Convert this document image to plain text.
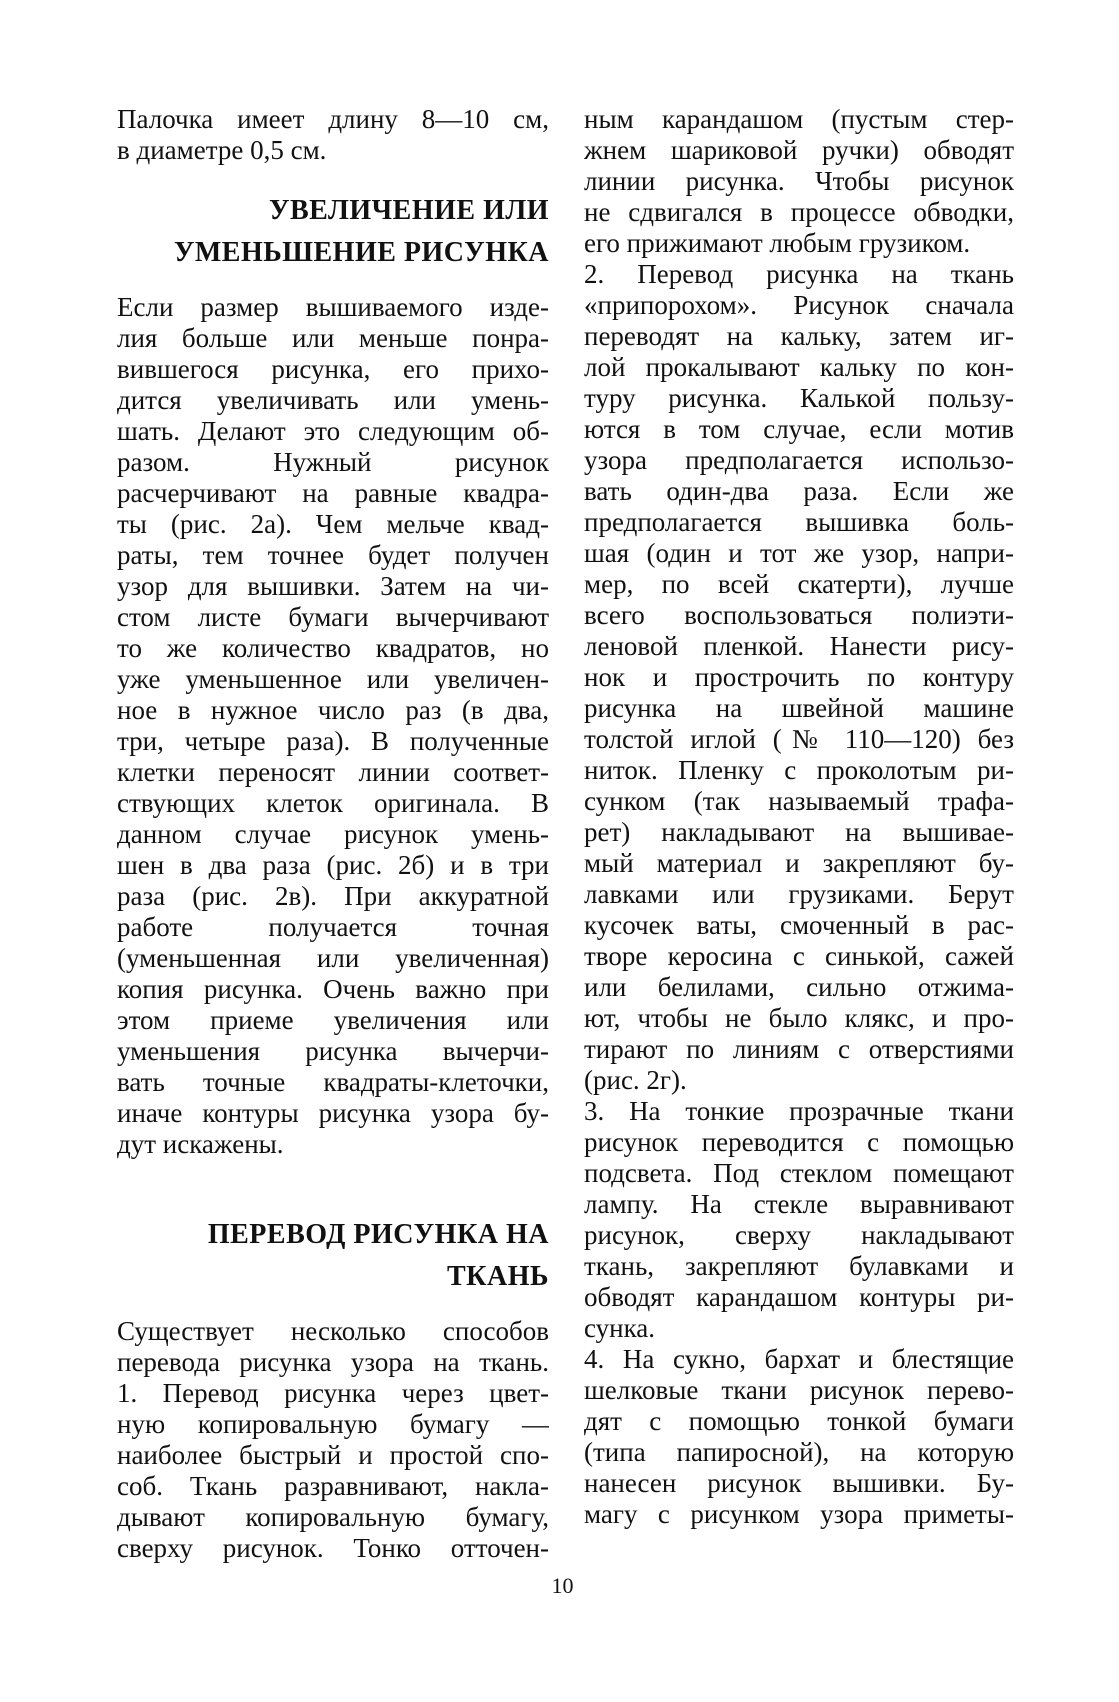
Палочка имеет длину 8—10 см,
в диаметре 0,5 см.
УВЕЛИЧЕНИЕ ИЛИ
УМЕНЬШЕНИЕ РИСУНКА
Если размер вышиваемого изде-
лия больше или меньше понра-
вившегося рисунка, его прихо-
дится увеличивать или умень-
шать. Делают это следующим об-
разом. Нужный рисунок
расчерчивают на равные квадра-
ты (рис. 2а). Чем мельче квад-
раты, тем точнее будет получен
узор для вышивки. Затем на чи-
стом листе бумаги вычерчивают
то же количество квадратов, но
уже уменьшенное или увеличен-
ное в нужное число раз (в два,
три, четыре раза). В полученные
клетки переносят линии соответ-
ствующих клеток оригинала. В
данном случае рисунок умень-
шен в два раза (рис. 2б) и в три
раза (рис. 2в). При аккуратной
работе получается точная
(уменьшенная или увеличенная)
копия рисунка. Очень важно при
этом приеме увеличения или
уменьшения рисунка вычерчи-
вать точные квадраты-клеточки,
иначе контуры рисунка узора бу-
дут искажены.
ПЕРЕВОД РИСУНКА НА
ТКАНЬ
Существует несколько способов
перевода рисунка узора на ткань.
1. Перевод рисунка через цвет-
ную копировальную бумагу —
наиболее быстрый и простой спо-
соб. Ткань разравнивают, накла-
дывают копировальную бумагу,
сверху рисунок. Тонко отточен-
ным карандашом (пустым стер-
жнем шариковой ручки) обводят
линии рисунка. Чтобы рисунок
не сдвигался в процессе обводки,
его прижимают любым грузиком.
2. Перевод рисунка на ткань
«припорохом». Рисунок сначала
переводят на кальку, затем иг-
лой прокалывают кальку по кон-
туру рисунка. Калькой пользу-
ются в том случае, если мотив
узора предполагается использо-
вать один-два раза. Если же
предполагается вышивка боль-
шая (один и тот же узор, напри-
мер, по всей скатерти), лучше
всего воспользоваться полиэти-
леновой пленкой. Нанести рису-
нок и прострочить по контуру
рисунка на швейной машине
толстой иглой (№ 110—120) без
ниток. Пленку с проколотым ри-
сунком (так называемый трафа-
рет) накладывают на вышивае-
мый материал и закрепляют бу-
лавками или грузиками. Берут
кусочек ваты, смоченный в рас-
творе керосина с синькой, сажей
или белилами, сильно отжима-
ют, чтобы не было клякс, и про-
тирают по линиям с отверстиями
(рис. 2г).
3. На тонкие прозрачные ткани
рисунок переводится с помощью
подсвета. Под стеклом помещают
лампу. На стекле выравнивают
рисунок, сверху накладывают
ткань, закрепляют булавками и
обводят карандашом контуры ри-
сунка.
4. На сукно, бархат и блестящие
шелковые ткани рисунок перево-
дят с помощью тонкой бумаги
(типа папиросной), на которую
нанесен рисунок вышивки. Бу-
магу с рисунком узора приметы-
10
